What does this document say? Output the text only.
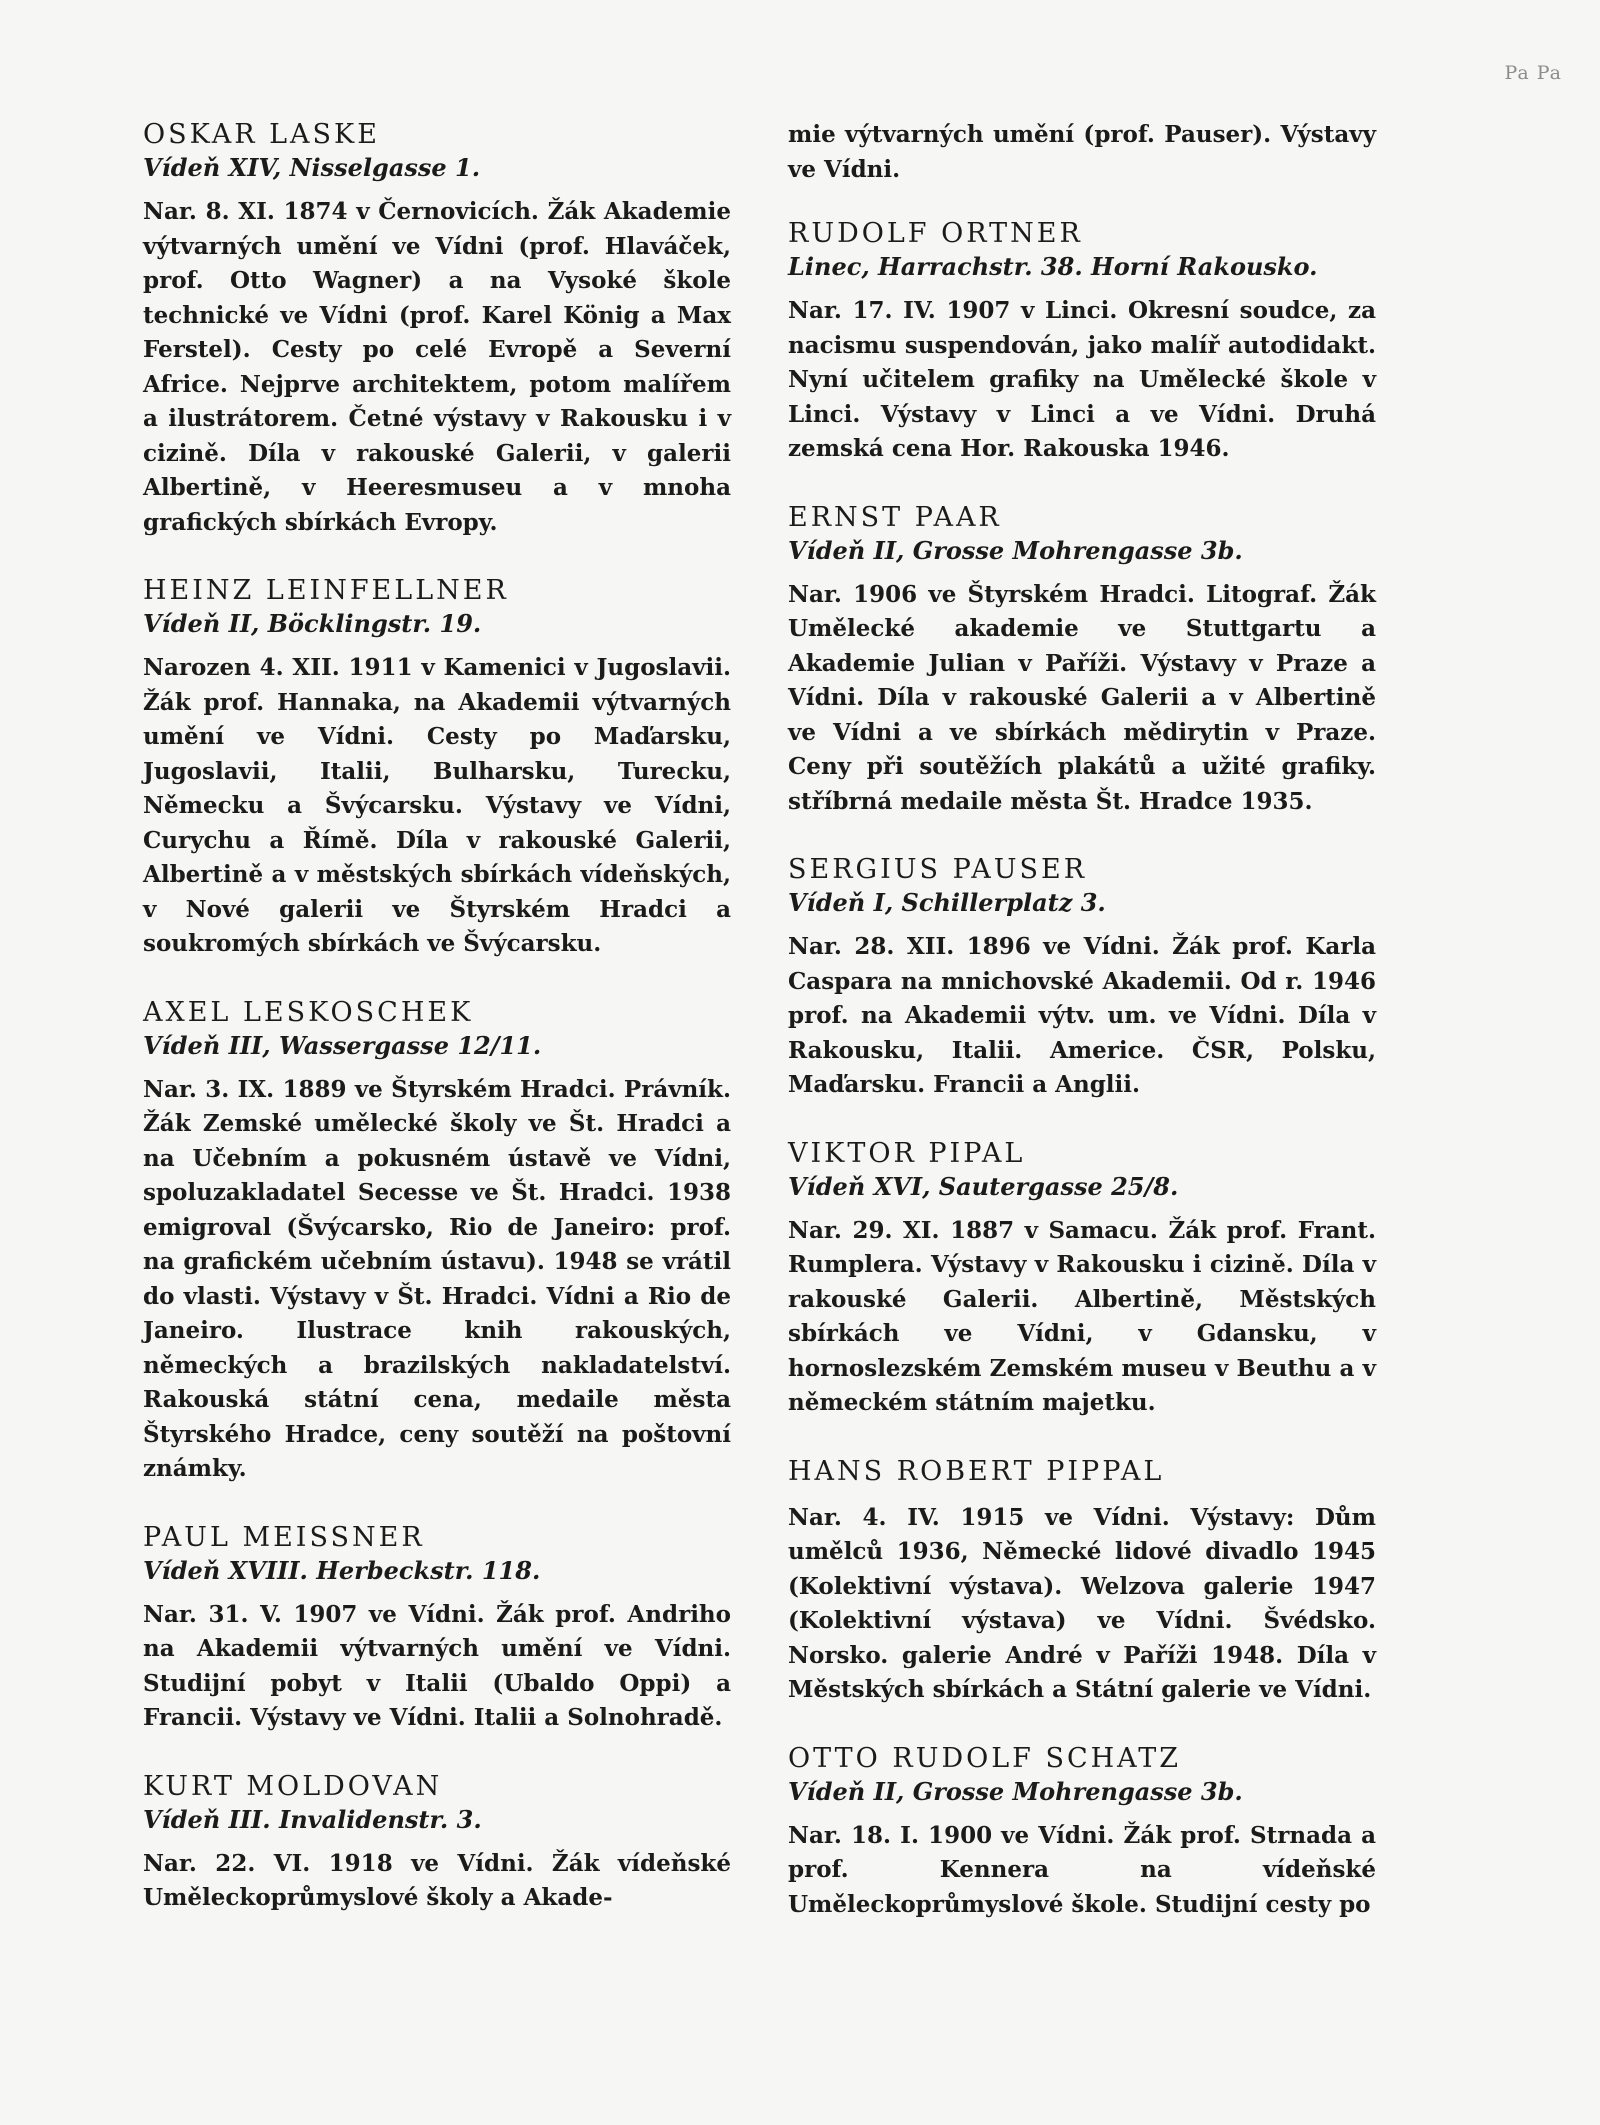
Pa Pa
OSKAR LASKE

Vídeň XIV, Nisselgasse 1.

Nar. 8. XI. 1874 v Černovicích. Žák Akademie výtvarných umění ve Vídni (prof. Hlaváček, prof. Otto Wagner) a na Vysoké škole technické ve Vídni (prof. Karel König a Max Ferstel). Cesty po celé Evropě a Severní Africe. Nejprve architektem, potom malířem a ilustrátorem. Četné výstavy v Rakousku i v cizině. Díla v rakouské Galerii, v galerii Albertině, v Heeresmuseu a v mnoha grafických sbírkách Evropy.

HEINZ LEINFELLNER

Vídeň II, Böcklingstr. 19.

Narozen 4. XII. 1911 v Kamenici v Jugoslavii. Žák prof. Hannaka, na Akademii výtvarných umění ve Vídni. Cesty po Maďarsku, Jugoslavii, Italii, Bulharsku, Turecku, Německu a Švýcarsku. Výstavy ve Vídni, Curychu a Římě. Díla v rakouské Galerii, Albertině a v městských sbírkách vídeňských, v Nové galerii ve Štyrském Hradci a soukromých sbírkách ve Švýcarsku.

AXEL LESKOSCHEK

Vídeň III, Wassergasse 12/11.

Nar. 3. IX. 1889 ve Štyrském Hradci. Právník. Žák Zemské umělecké školy ve Št. Hradci a na Učebním a pokusném ústavě ve Vídni, spoluzakladatel Secesse ve Št. Hradci. 1938 emigroval (Švýcarsko, Rio de Janeiro: prof. na grafickém učebním ústavu). 1948 se vrátil do vlasti. Výstavy v Št. Hradci. Vídni a Rio de Janeiro. Ilustrace knih rakouských, německých a brazilských nakladatelství. Rakouská státní cena, medaile města Štyrského Hradce, ceny soutěží na poštovní známky.

PAUL MEISSNER

Vídeň XVIII. Herbeckstr. 118.

Nar. 31. V. 1907 ve Vídni. Žák prof. Andriho na Akademii výtvarných umění ve Vídni. Studijní pobyt v Italii (Ubaldo Oppi) a Francii. Výstavy ve Vídni. Italii a Solnohradě.

KURT MOLDOVAN

Vídeň III. Invalidenstr. 3.

Nar. 22. VI. 1918 ve Vídni. Žák vídeňské Uměleckoprůmyslové školy a Akade-

mie výtvarných umění (prof. Pauser). Výstavy ve Vídni.

RUDOLF ORTNER

Linec, Harrachstr. 38. Horní Rakousko.

Nar. 17. IV. 1907 v Linci. Okresní soudce, za nacismu suspendován, jako malíř autodidakt. Nyní učitelem grafiky na Umělecké škole v Linci. Výstavy v Linci a ve Vídni. Druhá zemská cena Hor. Rakouska 1946.

ERNST PAAR

Vídeň II, Grosse Mohrengasse 3b.

Nar. 1906 ve Štyrském Hradci. Litograf. Žák Umělecké akademie ve Stuttgartu a Akademie Julian v Paříži. Výstavy v Praze a Vídni. Díla v rakouské Galerii a v Albertině ve Vídni a ve sbírkách mědirytin v Praze. Ceny při soutěžích plakátů a užité grafiky. stříbrná medaile města Št. Hradce 1935.

SERGIUS PAUSER

Vídeň I, Schillerplatz 3.

Nar. 28. XII. 1896 ve Vídni. Žák prof. Karla Caspara na mnichovské Akademii. Od r. 1946 prof. na Akademii výtv. um. ve Vídni. Díla v Rakousku, Italii. Americe. ČSR, Polsku, Maďarsku. Francii a Anglii.

VIKTOR PIPAL

Vídeň XVI, Sautergasse 25/8.

Nar. 29. XI. 1887 v Samacu. Žák prof. Frant. Rumplera. Výstavy v Rakousku i cizině. Díla v rakouské Galerii. Albertině, Městských sbírkách ve Vídni, v Gdansku, v hornoslezském Zemském museu v Beuthu a v německém státním majetku.

HANS ROBERT PIPPAL

Nar. 4. IV. 1915 ve Vídni. Výstavy: Dům umělců 1936, Německé lidové divadlo 1945 (Kolektivní výstava). Welzova galerie 1947 (Kolektivní výstava) ve Vídni. Švédsko. Norsko. galerie André v Paříži 1948. Díla v Městských sbírkách a Státní galerie ve Vídni.

OTTO RUDOLF SCHATZ

Vídeň II, Grosse Mohrengasse 3b.

Nar. 18. I. 1900 ve Vídni. Žák prof. Strnada a prof. Kennera na vídeňské Uměleckoprůmyslové škole. Studijní cesty po
